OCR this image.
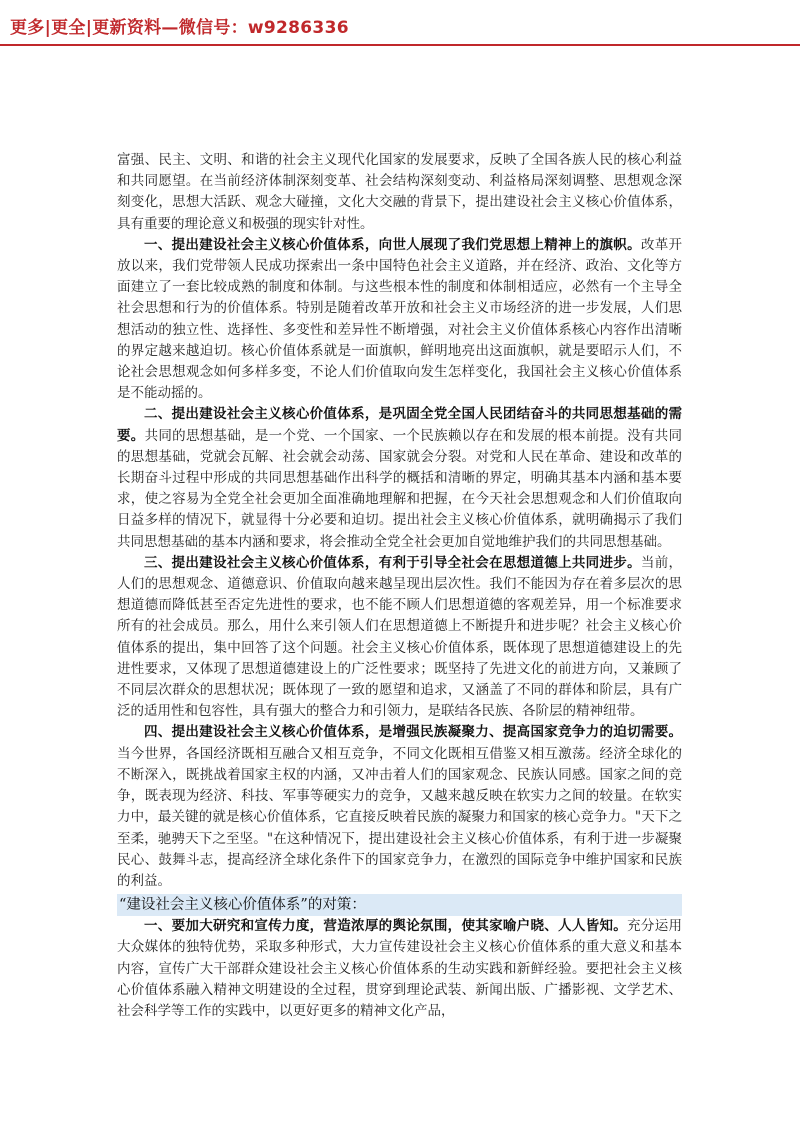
更多|更全|更新资料—微信号：w9286336

富强、民主、文明、和谐的社会主义现代化国家的发展要求，反映了全国各族人民的核心利益和共同愿望。在当前经济体制深刻变革、社会结构深刻变动、利益格局深刻调整、思想观念深刻变化，思想大活跃、观念大碰撞，文化大交融的背景下，提出建设社会主义核心价值体系，具有重要的理论意义和极强的现实针对性。

一、提出建设社会主义核心价值体系，向世人展现了我们党思想上精神上的旗帜。改革开放以来，我们党带领人民成功探索出一条中国特色社会主义道路，并在经济、政治、文化等方面建立了一套比较成熟的制度和体制。与这些根本性的制度和体制相适应，必然有一个主导全社会思想和行为的价值体系。特别是随着改革开放和社会主义市场经济的进一步发展，人们思想活动的独立性、选择性、多变性和差异性不断增强，对社会主义价值体系核心内容作出清晰的界定越来越迫切。核心价值体系就是一面旗帜，鲜明地亮出这面旗帜，就是要昭示人们，不论社会思想观念如何多样多变，不论人们价值取向发生怎样变化，我国社会主义核心价值体系是不能动摇的。

二、提出建设社会主义核心价值体系，是巩固全党全国人民团结奋斗的共同思想基础的需要。共同的思想基础，是一个党、一个国家、一个民族赖以存在和发展的根本前提。没有共同的思想基础，党就会瓦解、社会就会动荡、国家就会分裂。对党和人民在革命、建设和改革的长期奋斗过程中形成的共同思想基础作出科学的概括和清晰的界定，明确其基本内涵和基本要求，使之容易为全党全社会更加全面准确地理解和把握，在今天社会思想观念和人们价值取向日益多样的情况下，就显得十分必要和迫切。提出社会主义核心价值体系，就明确揭示了我们共同思想基础的基本内涵和要求，将会推动全党全社会更加自觉地维护我们的共同思想基础。

三、提出建设社会主义核心价值体系，有利于引导全社会在思想道德上共同进步。当前，人们的思想观念、道德意识、价值取向越来越呈现出层次性。我们不能因为存在着多层次的思想道德而降低甚至否定先进性的要求，也不能不顾人们思想道德的客观差异，用一个标准要求所有的社会成员。那么，用什么来引领人们在思想道德上不断提升和进步呢？社会主义核心价值体系的提出，集中回答了这个问题。社会主义核心价值体系，既体现了思想道德建设上的先进性要求，又体现了思想道德建设上的广泛性要求；既坚持了先进文化的前进方向，又兼顾了不同层次群众的思想状况；既体现了一致的愿望和追求，又涵盖了不同的群体和阶层，具有广泛的适用性和包容性，具有强大的整合力和引领力，是联结各民族、各阶层的精神纽带。

四、提出建设社会主义核心价值体系，是增强民族凝聚力、提高国家竞争力的迫切需要。当今世界，各国经济既相互融合又相互竞争，不同文化既相互借鉴又相互激荡。经济全球化的不断深入，既挑战着国家主权的内涵，又冲击着人们的国家观念、民族认同感。国家之间的竞争，既表现为经济、科技、军事等硬实力的竞争，又越来越反映在软实力之间的较量。在软实力中，最关键的就是核心价值体系，它直接反映着民族的凝聚力和国家的核心竞争力。"天下之至柔，驰骋天下之至坚。"在这种情况下，提出建设社会主义核心价值体系，有利于进一步凝聚民心、鼓舞斗志，提高经济全球化条件下的国家竞争力，在激烈的国际竞争中维护国家和民族的利益。

“建设社会主义核心价值体系”的对策：

一、要加大研究和宣传力度，营造浓厚的舆论氛围，使其家喻户晓、人人皆知。充分运用大众媒体的独特优势，采取多种形式，大力宣传建设社会主义核心价值体系的重大意义和基本内容，宣传广大干部群众建设社会主义核心价值体系的生动实践和新鲜经验。要把社会主义核心价值体系融入精神文明建设的全过程，贯穿到理论武装、新闻出版、广播影视、文学艺术、社会科学等工作的实践中，以更好更多的精神文化产品，
